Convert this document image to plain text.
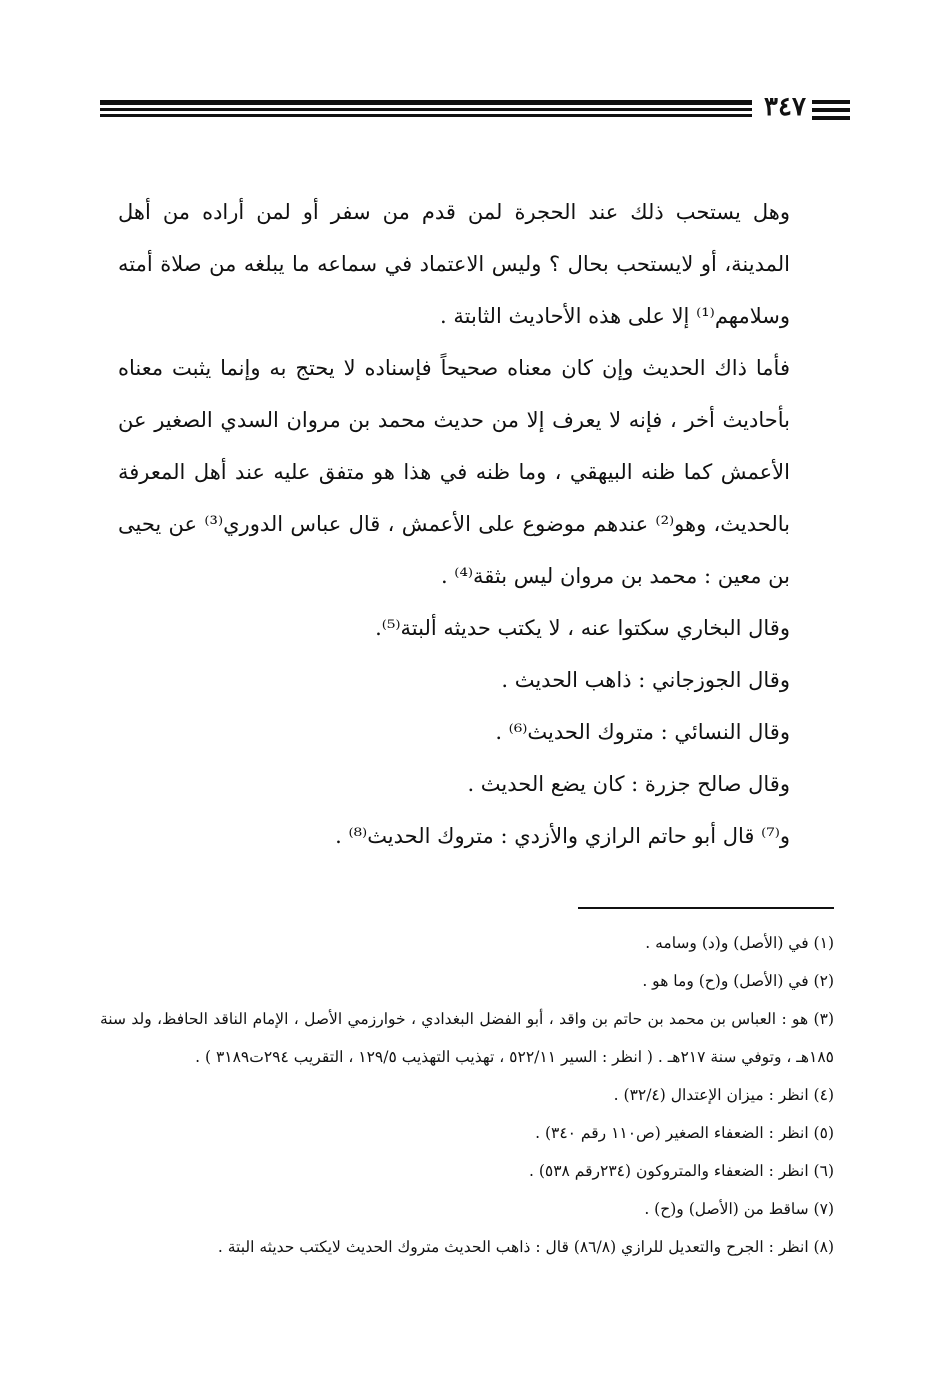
٣٤٧

وهل يستحب ذلك عند الحجرة لمن قدم من سفر أو لمن أراده من أهل المدينة، أو لايستحب بحال ؟ وليس الاعتماد في سماعه ما يبلغه من صلاة أمته وسلامهم⁽¹⁾ إلا على هذه الأحاديث الثابتة .

فأما ذاك الحديث وإن كان معناه صحيحاً فإسناده لا يحتج به وإنما يثبت معناه بأحاديث أخر ، فإنه لا يعرف إلا من حديث محمد بن مروان السدي الصغير عن الأعمش كما ظنه البيهقي ، وما ظنه في هذا هو متفق عليه عند أهل المعرفة بالحديث، وهو⁽²⁾ عندهم موضوع على الأعمش ، قال عباس الدوري⁽³⁾ عن يحيى بن معين : محمد بن مروان ليس بثقة⁽⁴⁾ .

وقال البخاري سكتوا عنه ، لا يكتب حديثه ألبتة⁽⁵⁾.

وقال الجوزجاني : ذاهب الحديث .

وقال النسائي : متروك الحديث⁽⁶⁾ .

وقال صالح جزرة : كان يضع الحديث .

و⁽⁷⁾ قال أبو حاتم الرازي والأزدي : متروك الحديث⁽⁸⁾ .

(١) في (الأصل) و(د) وسامه .

(٢) في (الأصل) و(ح) وما هو .

(٣) هو : العباس بن محمد بن حاتم بن واقد ، أبو الفضل البغدادي ، خوارزمي الأصل ، الإمام الناقد الحافظ، ولد سنة ١٨٥هـ ، وتوفي سنة ٢١٧هـ . ( انظر : السير ٥٢٢/١١ ، تهذيب التهذيب ١٢٩/٥ ، التقريب ٢٩٤ت٣١٨٩ ) .

(٤) انظر : ميزان الإعتدال (٣٢/٤) .

(٥) انظر : الضعفاء الصغير (ص١١٠ رقم ٣٤٠) .

(٦) انظر : الضعفاء والمتروكون (٢٣٤رقم ٥٣٨) .

(٧) ساقط من (الأصل) و(ح) .

(٨) انظر : الجرح والتعديل للرازي (٨٦/٨) قال : ذاهب الحديث متروك الحديث لايكتب حديثه البتة .
